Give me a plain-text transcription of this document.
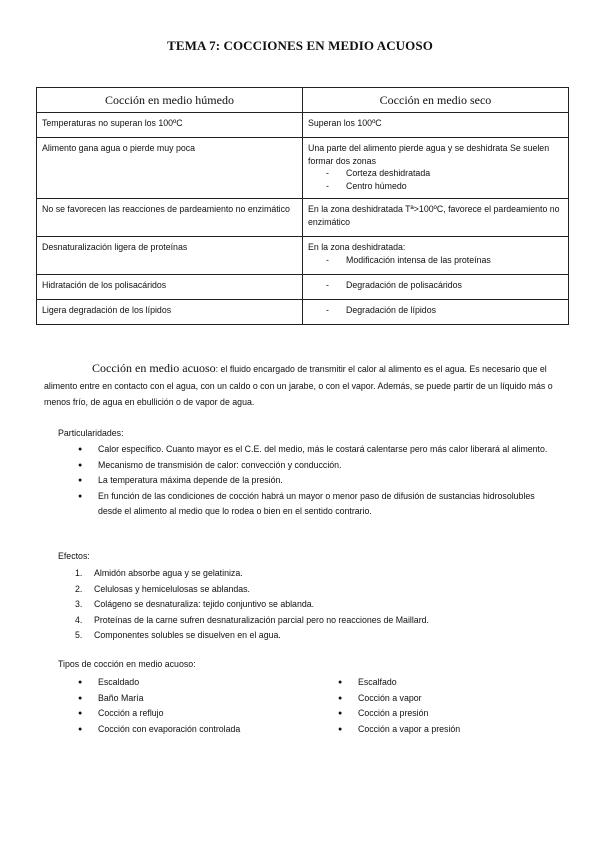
TEMA 7: COCCIONES EN MEDIO ACUOSO
Cocción en medio húmedo	Cocción en medio seco
Temperaturas no superan los 100ºC	Superan los 100ºC
Alimento gana agua o pierde muy poca	Una parte del alimento pierde agua y se deshidrata Se suelen formar dos zonas
- Corteza deshidratada
- Centro húmedo

No se favorecen las reacciones de pardeamiento no enzimático	En la zona deshidratada Tª>100ºC, favorece el pardeamiento no enzimático
Desnaturalización ligera de proteínas	En la zona deshidratada:
- Modificación intensa de las proteínas

Hidratación de los polisacáridos	- Degradación de polisacáridos

Ligera degradación de los lípidos	- Degradación de lípidos
Cocción en medio acuoso: el fluido encargado de transmitir el calor al alimento es el agua. Es necesario que el alimento entre en contacto con el agua, con un caldo o con un jarabe, o con el vapor. Además, se puede partir de un líquido más o menos frío, de agua en ebullición o de vapor de agua.
Particularidades:
● Calor específico. Cuanto mayor es el C.E. del medio, más le costará calentarse pero más calor liberará al alimento.
● Mecanismo de transmisión de calor: convección y conducción.
● La temperatura máxima depende de la presión.
● En función de las condiciones de cocción habrá un mayor o menor paso de difusión de sustancias hidrosolubles desde el alimento al medio que lo rodea o bien en el sentido contrario.
Efectos:
1. Almidón absorbe agua y se gelatiniza.
2. Celulosas y hemicelulosas se ablandas.
3. Colágeno se desnaturaliza: tejido conjuntivo se ablanda.
4. Proteínas de la carne sufren desnaturalización parcial pero no reacciones de Maillard.
5. Componentes solubles se disuelven en el agua.
Tipos de cocción en medio acuoso:
● Escaldado
● Baño María
● Cocción a reflujo
● Cocción con evaporación controlada
● Escalfado
● Cocción a vapor
● Cocción a presión
● Cocción a vapor a presión
